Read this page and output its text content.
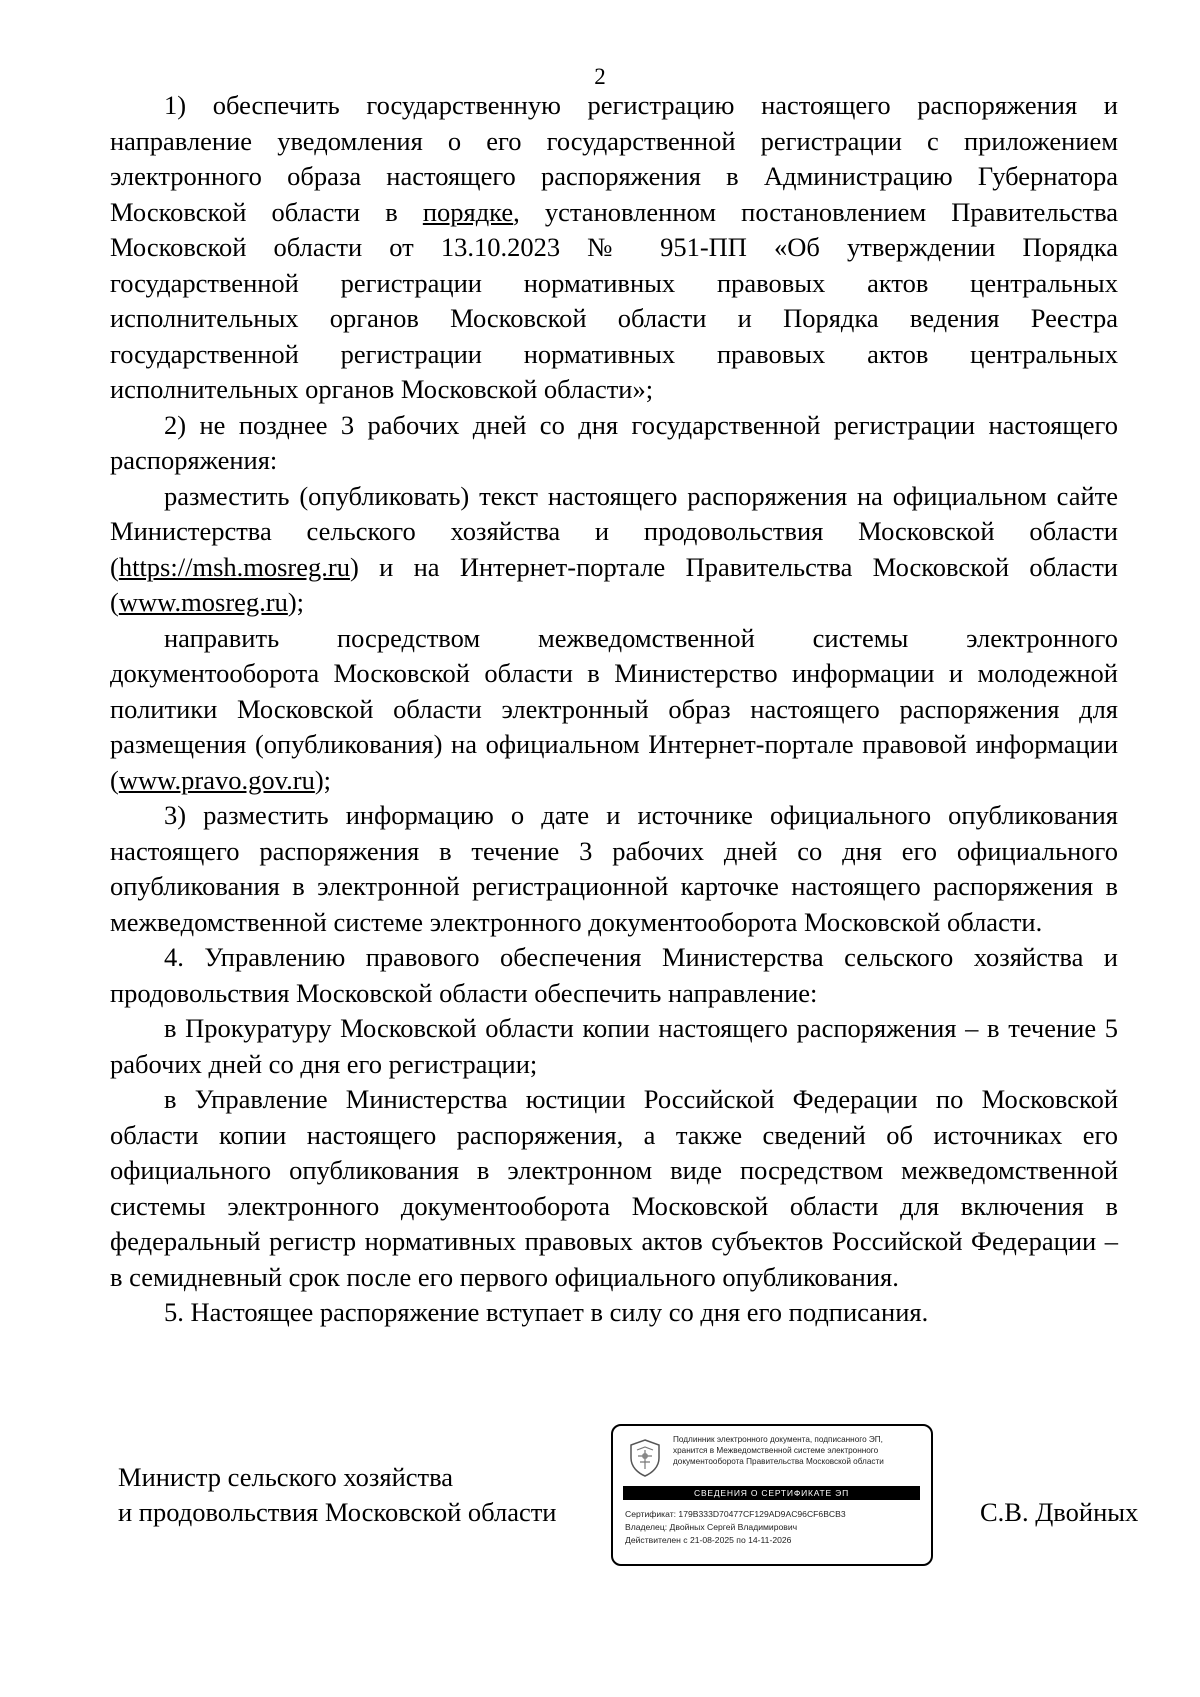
2

1) обеспечить государственную регистрацию настоящего распоряжения и направление уведомления о его государственной регистрации с приложением электронного образа настоящего распоряжения в Администрацию Губернатора Московской области в порядке, установленном постановлением Правительства Московской области от 13.10.2023 № 951-ПП «Об утверждении Порядка государственной регистрации нормативных правовых актов центральных исполнительных органов Московской области и Порядка ведения Реестра государственной регистрации нормативных правовых актов центральных исполнительных органов Московской области»;

2) не позднее 3 рабочих дней со дня государственной регистрации настоящего распоряжения:

разместить (опубликовать) текст настоящего распоряжения на официальном сайте Министерства сельского хозяйства и продовольствия Московской области (https://msh.mosreg.ru) и на Интернет-портале Правительства Московской области (www.mosreg.ru);

направить посредством межведомственной системы электронного документооборота Московской области в Министерство информации и молодежной политики Московской области электронный образ настоящего распоряжения для размещения (опубликования) на официальном Интернет-портале правовой информации (www.pravo.gov.ru);

3) разместить информацию о дате и источнике официального опубликования настоящего распоряжения в течение 3 рабочих дней со дня его официального опубликования в электронной регистрационной карточке настоящего распоряжения в межведомственной системе электронного документооборота Московской области.

4. Управлению правового обеспечения Министерства сельского хозяйства и продовольствия Московской области обеспечить направление:

в Прокуратуру Московской области копии настоящего распоряжения – в течение 5 рабочих дней со дня его регистрации;

в Управление Министерства юстиции Российской Федерации по Московской области копии настоящего распоряжения, а также сведений об источниках его официального опубликования в электронном виде посредством межведомственной системы электронного документооборота Московской области для включения в федеральный регистр нормативных правовых актов субъектов Российской Федерации – в семидневный срок после его первого официального опубликования.

5. Настоящее распоряжение вступает в силу со дня его подписания.

Министр сельского хозяйства
и продовольствия Московской области
Подлинник электронного документа, подписанного ЭП,
хранится в Межведомственной системе электронного
документооборота Правительства Московской области
СВЕДЕНИЯ О СЕРТИФИКАТЕ ЭП
Сертификат: 179B333D70477CF129AD9AC96CF6BCB3
Владелец: Двойных Сергей Владимирович
Действителен с 21-08-2025 по 14-11-2026
С.В. Двойных
